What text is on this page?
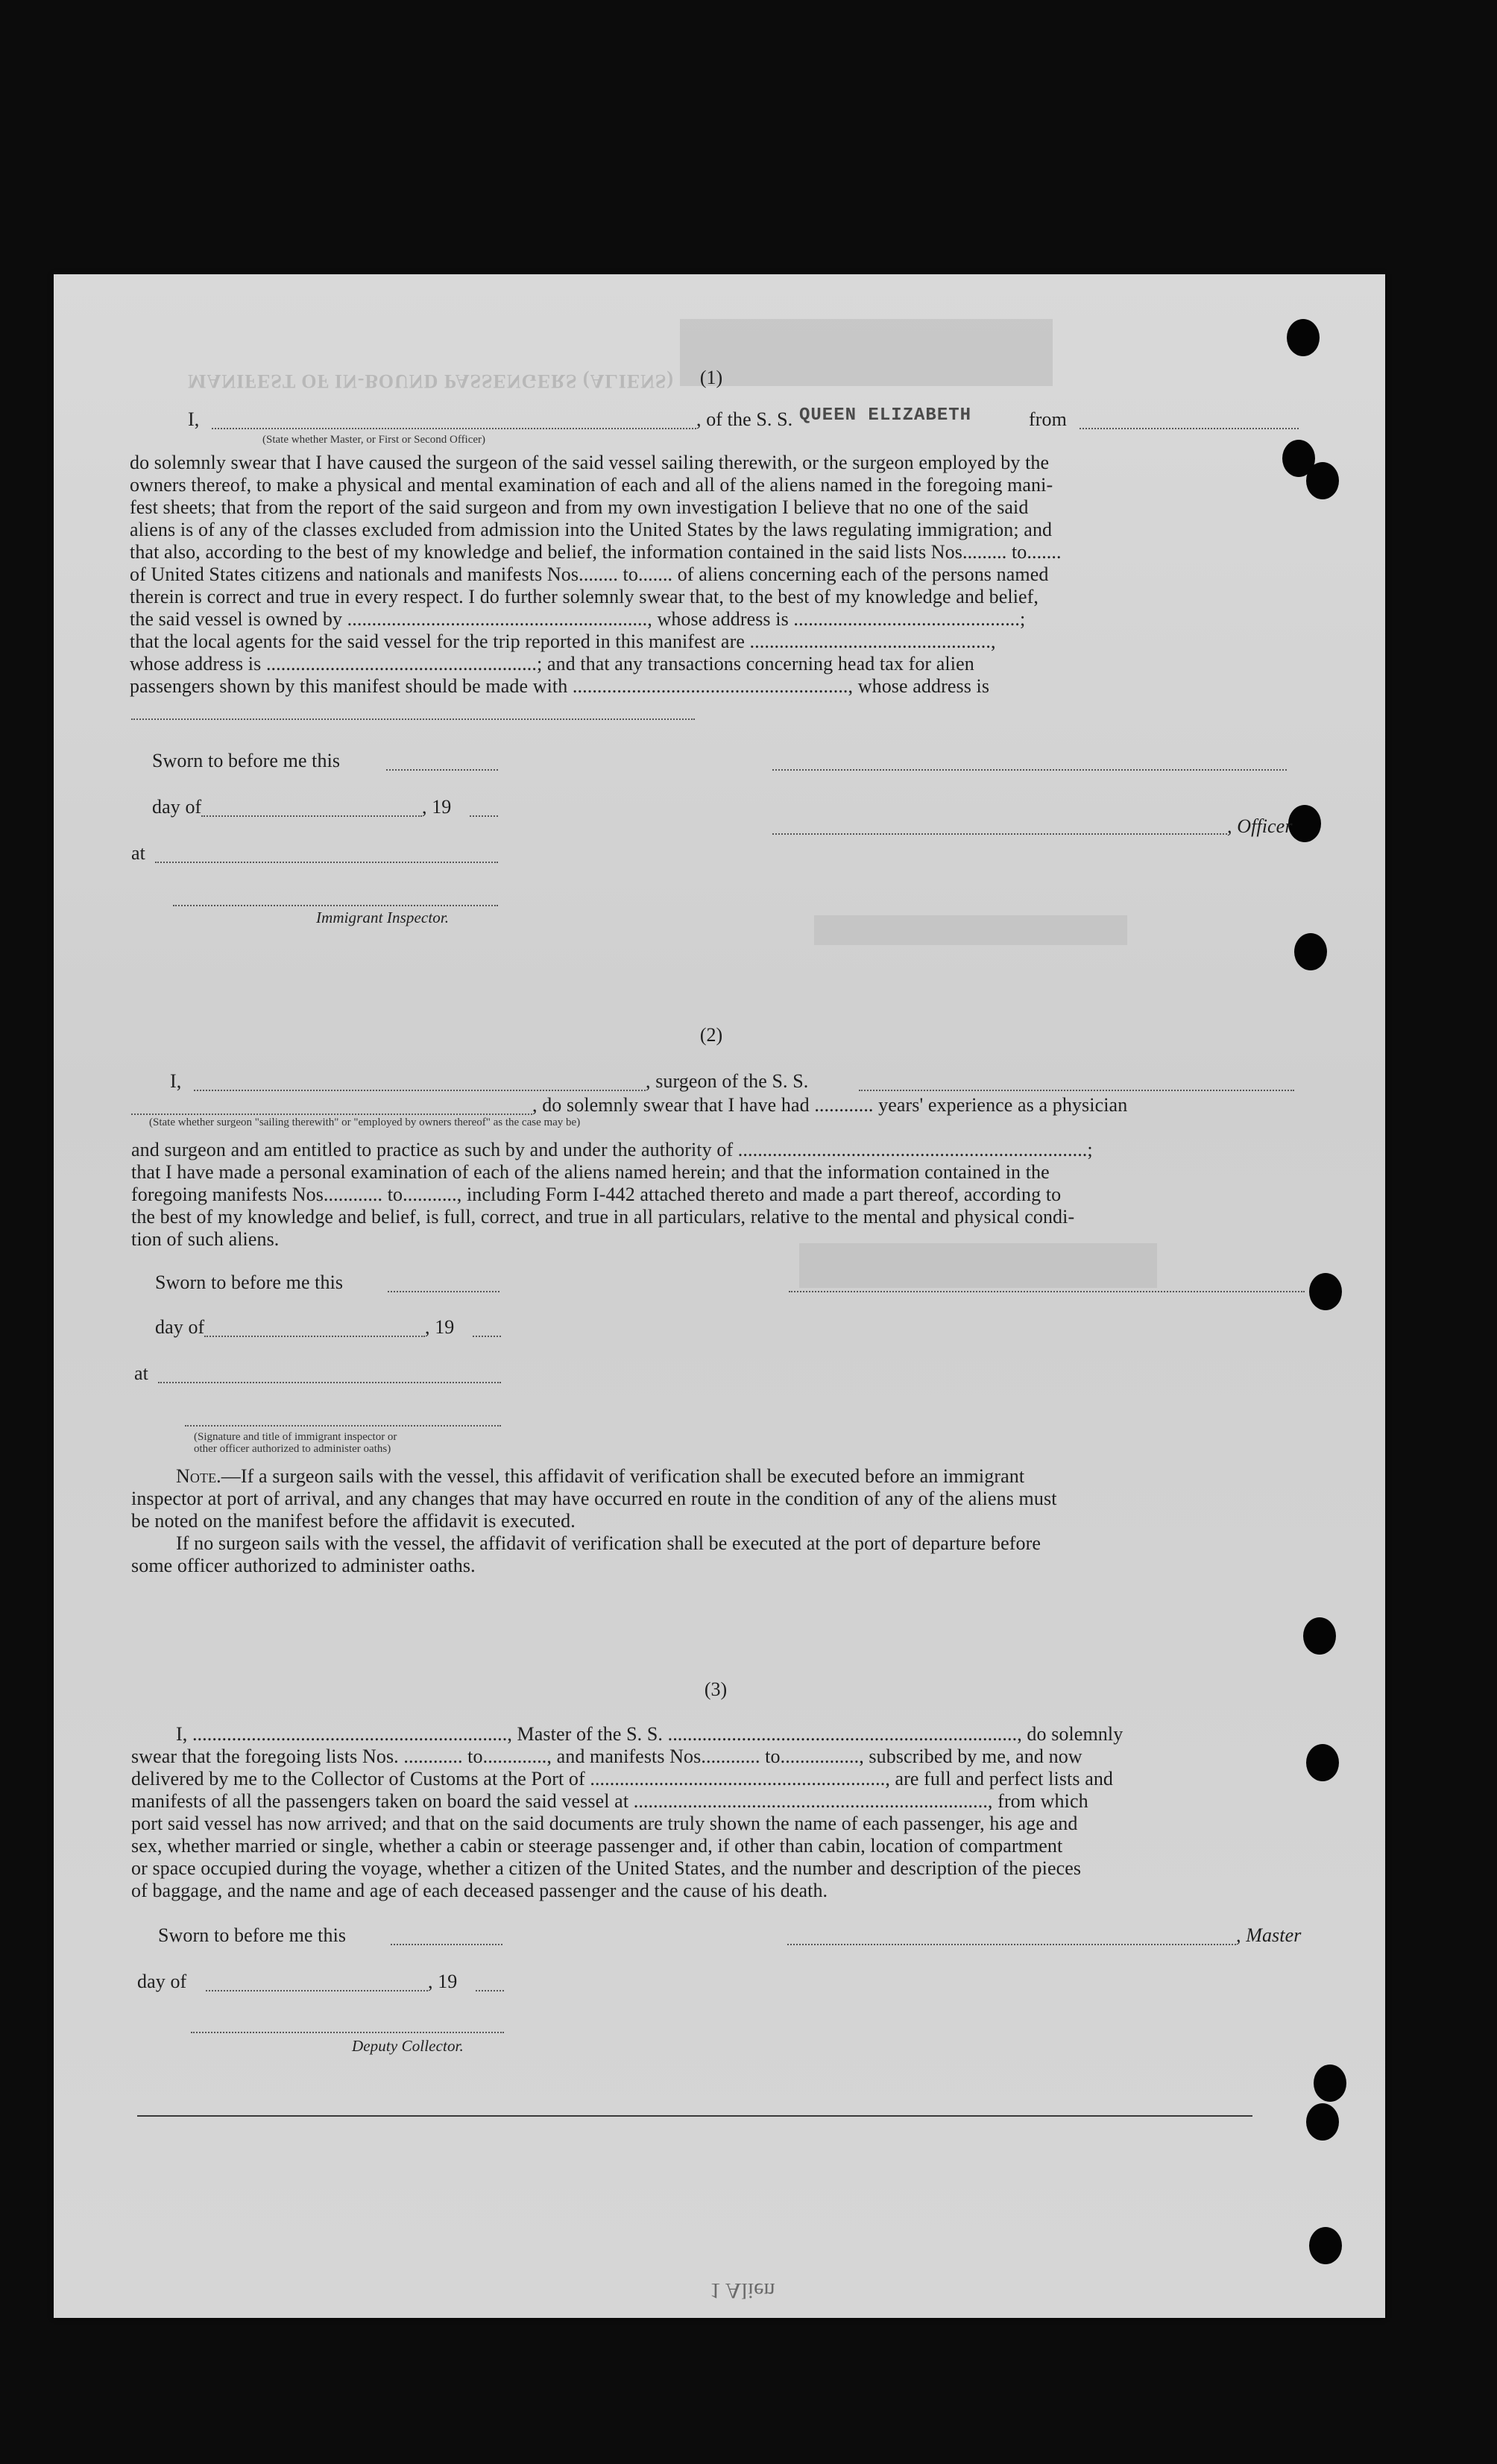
MANIFEST OF IN-BOUND PASSENGERS (ALIENS)	(1)
I,	, of the S. S. QUEEN ELIZABETH	from
(State whether Master, or First or Second Officer)
do solemnly swear that I have caused the surgeon of the said vessel sailing therewith, or the surgeon employed by the
owners thereof, to make a physical and mental examination of each and all of the aliens named in the foregoing mani-
fest sheets; that from the report of the said surgeon and from my own investigation I believe that no one of the said
aliens is of any of the classes excluded from admission into the United States by the laws regulating immigration; and
that also, according to the best of my knowledge and belief, the information contained in the said lists Nos......... to.......
of United States citizens and nationals and manifests Nos........ to....... of aliens concerning each of the persons named
therein is correct and true in every respect. I do further solemnly swear that, to the best of my knowledge and belief,
the said vessel is owned by ............................................................., whose address is ..............................................;
that the local agents for the said vessel for the trip reported in this manifest are .................................................,
whose address is .......................................................; and that any transactions concerning head tax for alien
passengers shown by this manifest should be made with ........................................................, whose address is
Sworn to before me this
day of	, 19
, Officer
at
Immigrant Inspector.
(2)
I,	, surgeon of the S. S.
, do solemnly swear that I have had ............ years' experience as a physician
(State whether surgeon "sailing therewith" or "employed by owners thereof" as the case may be)
and surgeon and am entitled to practice as such by and under the authority of .......................................................................;
that I have made a personal examination of each of the aliens named herein; and that the information contained in the
foregoing manifests Nos............ to..........., including Form I-442 attached thereto and made a part thereof, according to
the best of my knowledge and belief, is full, correct, and true in all particulars, relative to the mental and physical condi-
tion of such aliens.
Sworn to before me this
day of	, 19
at
(Signature and title of immigrant inspector or
other officer authorized to administer oaths)
Note.—If a surgeon sails with the vessel, this affidavit of verification shall be executed before an immigrant
inspector at port of arrival, and any changes that may have occurred en route in the condition of any of the aliens must
be noted on the manifest before the affidavit is executed.
If no surgeon sails with the vessel, the affidavit of verification shall be executed at the port of departure before
some officer authorized to administer oaths.
(3)
I, ................................................................, Master of the S. S. ......................................................................., do solemnly
swear that the foregoing lists Nos. ............ to............., and manifests Nos............ to................, subscribed by me, and now
delivered by me to the Collector of Customs at the Port of ............................................................, are full and perfect lists and
manifests of all the passengers taken on board the said vessel at ........................................................................, from which
port said vessel has now arrived; and that on the said documents are truly shown the name of each passenger, his age and
sex, whether married or single, whether a cabin or steerage passenger and, if other than cabin, location of compartment
or space occupied during the voyage, whether a citizen of the United States, and the number and description of the pieces
of baggage, and the name and age of each deceased passenger and the cause of his death.
Sworn to before me this	, Master
day of	, 19
Deputy Collector.
1 Alien
